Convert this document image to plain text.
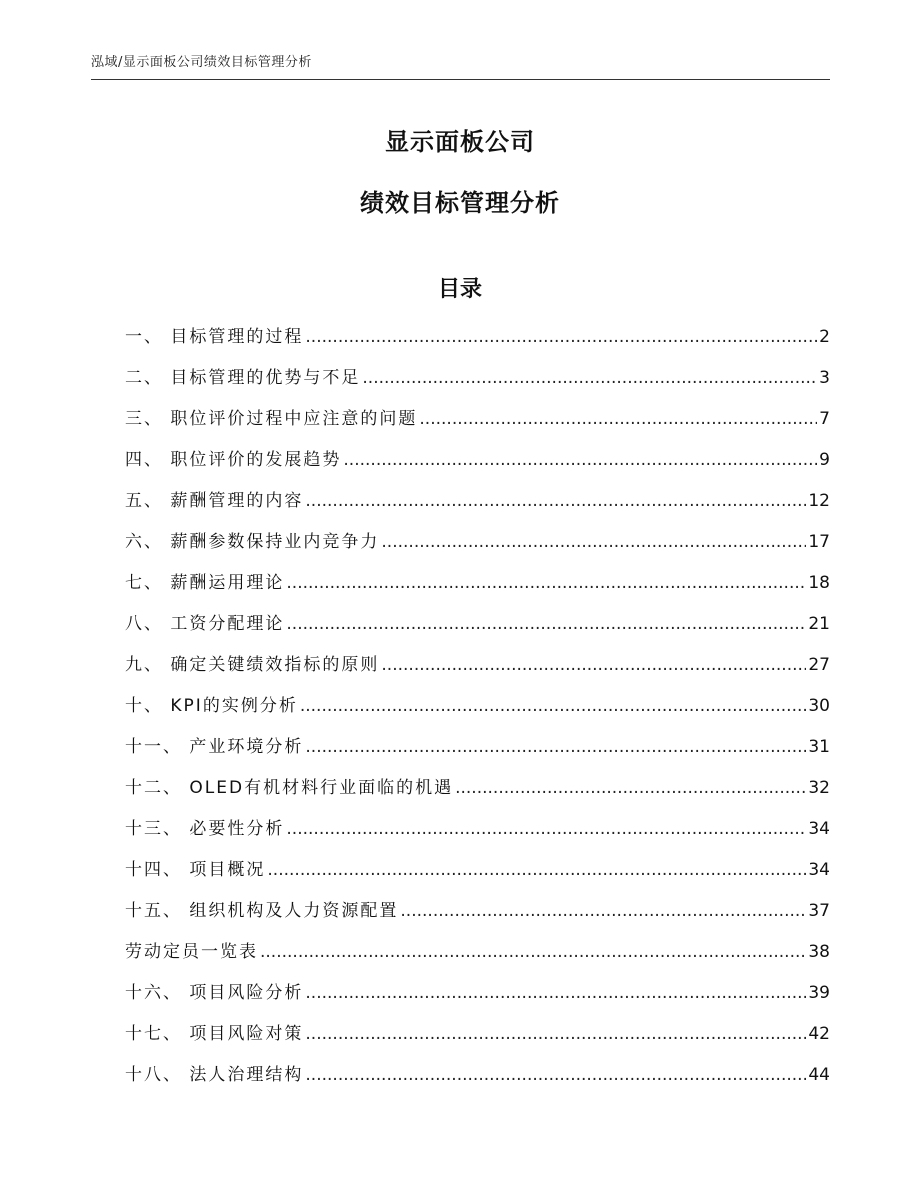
泓域/显示面板公司绩效目标管理分析
显示面板公司
绩效目标管理分析
目录
一、 目标管理的过程 .....	2
二、 目标管理的优势与不足 .....	3
三、 职位评价过程中应注意的问题 .....	7
四、 职位评价的发展趋势 .....	9
五、 薪酬管理的内容 .....	12
六、 薪酬参数保持业内竞争力 .....	17
七、 薪酬运用理论 .....	18
八、 工资分配理论 .....	21
九、 确定关键绩效指标的原则 .....	27
十、 KPI的实例分析 .....	30
十一、 产业环境分析 .....	31
十二、 OLED有机材料行业面临的机遇 .....	32
十三、 必要性分析 .....	34
十四、 项目概况 .....	34
十五、 组织机构及人力资源配置 .....	37
劳动定员一览表 .....	38
十六、 项目风险分析 .....	39
十七、 项目风险对策 .....	42
十八、 法人治理结构 .....	44
